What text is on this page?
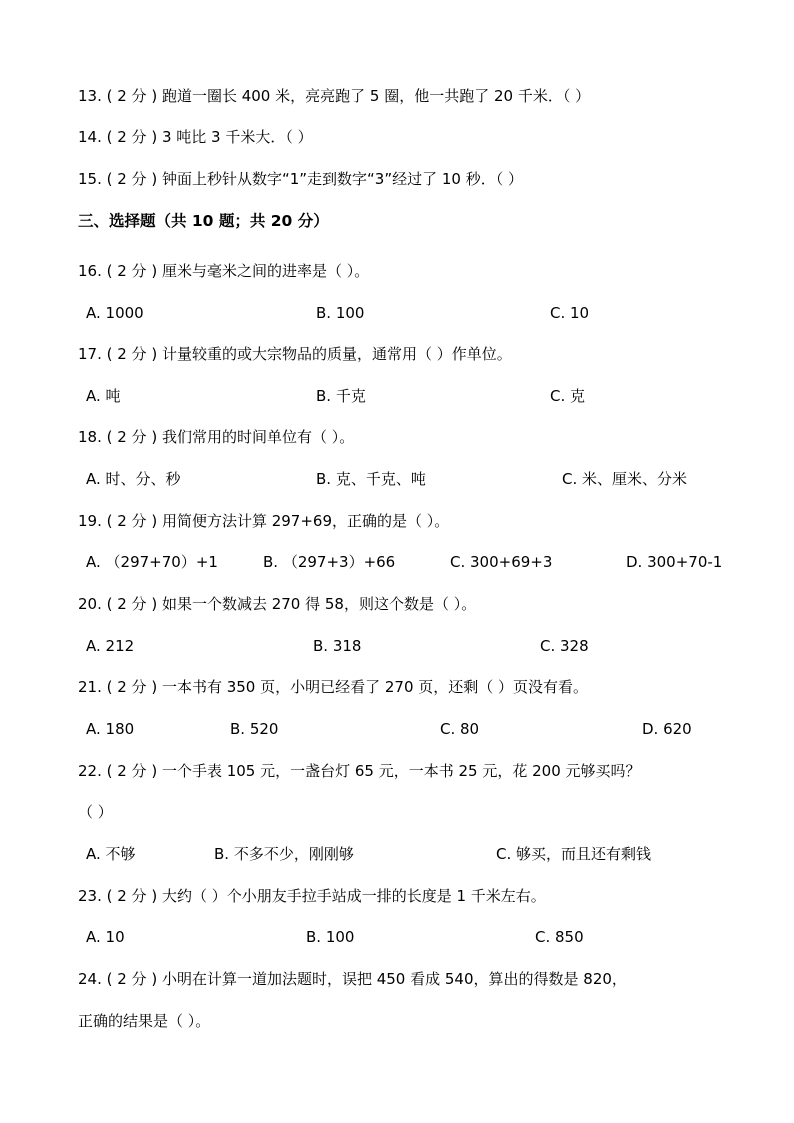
13. ( 2 分 ) 跑道一圈长 400 米，亮亮跑了 5 圈，他一共跑了 20 千米．（ ）
14. ( 2 分 ) 3 吨比 3 千米大．（ ）
15. ( 2 分 ) 钟面上秒针从数字“1”走到数字“3”经过了 10 秒．（ ）
三、选择题（共 10 题；共 20 分）
16. ( 2 分 ) 厘米与毫米之间的进率是（ ）。
A. 1000	B. 100	C. 10
17. ( 2 分 ) 计量较重的或大宗物品的质量，通常用（ ）作单位。
A. 吨	B. 千克	C. 克
18. ( 2 分 ) 我们常用的时间单位有（ ）。
A. 时、分、秒	B. 克、千克、吨	C. 米、厘米、分米
19. ( 2 分 ) 用简便方法计算 297+69，正确的是（ ）。
A. （297+70）+1	B. （297+3）+66	C. 300+69+3	D. 300+70-1
20. ( 2 分 ) 如果一个数减去 270 得 58，则这个数是（ ）。
A. 212	B. 318	C. 328
21. ( 2 分 ) 一本书有 350 页，小明已经看了 270 页，还剩（ ）页没有看。
A. 180	B. 520	C. 80	D. 620
22. ( 2 分 ) 一个手表 105 元，一盏台灯 65 元，一本书 25 元，花 200 元够买吗？
（ ）
A. 不够	B. 不多不少，刚刚够	C. 够买，而且还有剩钱
23. ( 2 分 ) 大约（ ）个小朋友手拉手站成一排的长度是 1 千米左右。
A. 10	B. 100	C. 850
24. ( 2 分 ) 小明在计算一道加法题时，误把 450 看成 540，算出的得数是 820，
正确的结果是（ ）。
